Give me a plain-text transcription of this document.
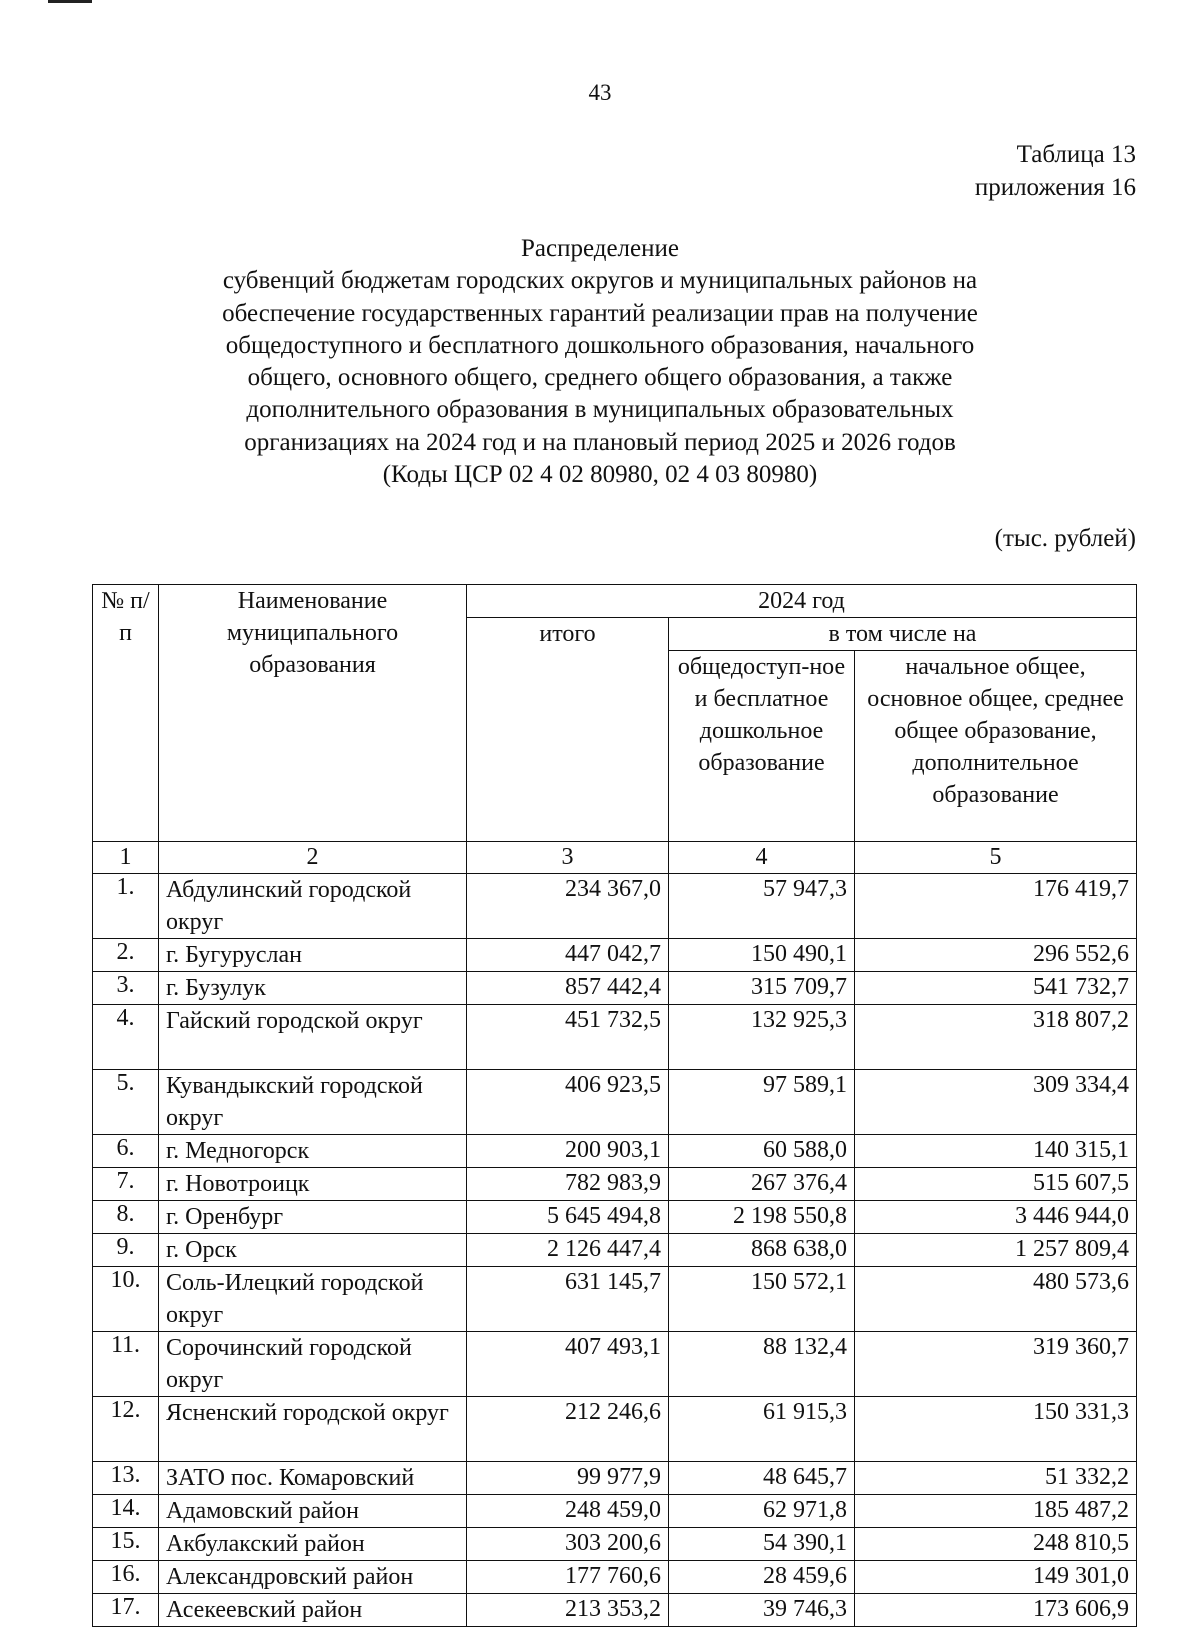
43
Таблица 13
приложения 16
Распределение
субвенций бюджетам городских округов и муниципальных районов на
обеспечение государственных гарантий реализации прав на получение
общедоступного и бесплатного дошкольного образования, начального
общего, основного общего, среднего общего образования, а также
дополнительного образования в муниципальных образовательных
организациях на 2024 год и на плановый период 2025 и 2026 годов
(Коды ЦСР 02 4 02 80980, 02 4 03 80980)
(тыс. рублей)
№ п/п	Наименование муниципального образования	2024 год		
		итого	в том числе на	
			общедоступ-ное и бесплатное дошкольное образование	начальное общее, основное общее, среднее общее образование, дополнительное образование
1	2	3	4	5
1.	Абдулинский городской округ	234 367,0	57 947,3	176 419,7
2.	г. Бугуруслан	447 042,7	150 490,1	296 552,6
3.	г. Бузулук	857 442,4	315 709,7	541 732,7
4.	Гайский городской округ	451 732,5	132 925,3	318 807,2
5.	Кувандыкский городской округ	406 923,5	97 589,1	309 334,4
6.	г. Медногорск	200 903,1	60 588,0	140 315,1
7.	г. Новотроицк	782 983,9	267 376,4	515 607,5
8.	г. Оренбург	5 645 494,8	2 198 550,8	3 446 944,0
9.	г. Орск	2 126 447,4	868 638,0	1 257 809,4
10.	Соль-Илецкий городской округ	631 145,7	150 572,1	480 573,6
11.	Сорочинский городской округ	407 493,1	88 132,4	319 360,7
12.	Ясненский городской округ	212 246,6	61 915,3	150 331,3
13.	ЗАТО пос. Комаровский	99 977,9	48 645,7	51 332,2
14.	Адамовский район	248 459,0	62 971,8	185 487,2
15.	Акбулакский район	303 200,6	54 390,1	248 810,5
16.	Александровский район	177 760,6	28 459,6	149 301,0
17.	Асекеевский район	213 353,2	39 746,3	173 606,9
